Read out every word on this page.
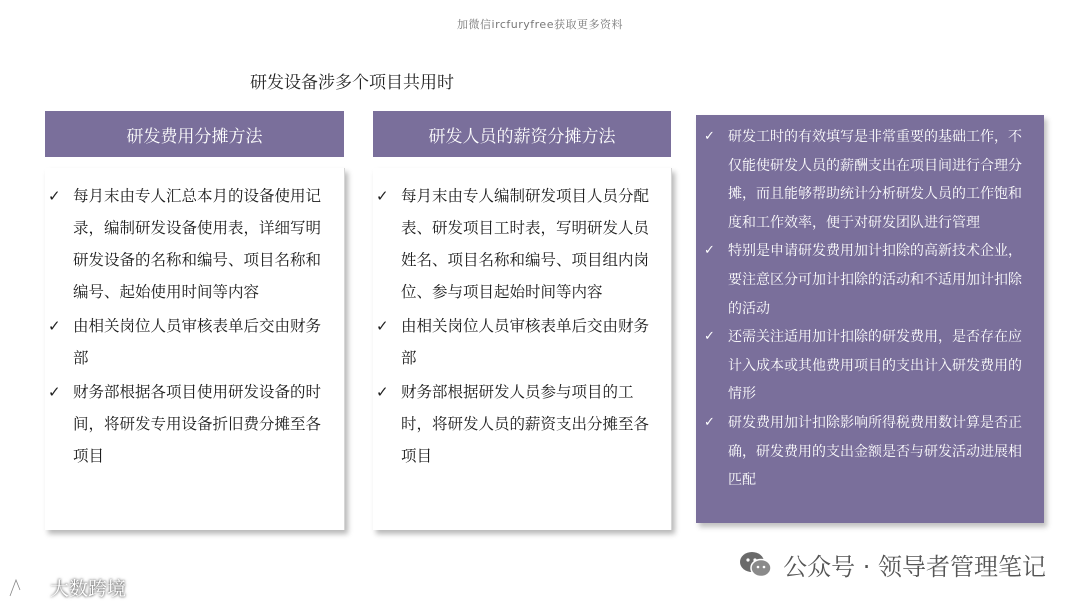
加微信ircfuryfree获取更多资料
研发设备涉多个项目共用时
研发费用分摊方法	研发人员的薪资分摊方法
✓ 每月末由专人汇总本月的设备使用记录，编制研发设备使用表，详细写明研发设备的名称和编号、项目名称和编号、起始使用时间等内容
✓ 由相关岗位人员审核表单后交由财务部
✓ 财务部根据各项目使用研发设备的时间，将研发专用设备折旧费分摊至各项目
✓ 每月末由专人编制研发项目人员分配表、研发项目工时表，写明研发人员姓名、项目名称和编号、项目组内岗位、参与项目起始时间等内容
✓ 由相关岗位人员审核表单后交由财务部
✓ 财务部根据研发人员参与项目的工时，将研发人员的薪资支出分摊至各项目
✓ 研发工时的有效填写是非常重要的基础工作，不仅能使研发人员的薪酬支出在项目间进行合理分摊，而且能够帮助统计分析研发人员的工作饱和度和工作效率，便于对研发团队进行管理
✓ 特别是申请研发费用加计扣除的高新技术企业，要注意区分可加计扣除的活动和不适用加计扣除的活动
✓ 还需关注适用加计扣除的研发费用，是否存在应计入成本或其他费用项目的支出计入研发费用的情形
✓ 研发费用加计扣除影响所得税费用数计算是否正确，研发费用的支出金额是否与研发活动进展相匹配
公众号 · 领导者管理笔记
大数跨境
